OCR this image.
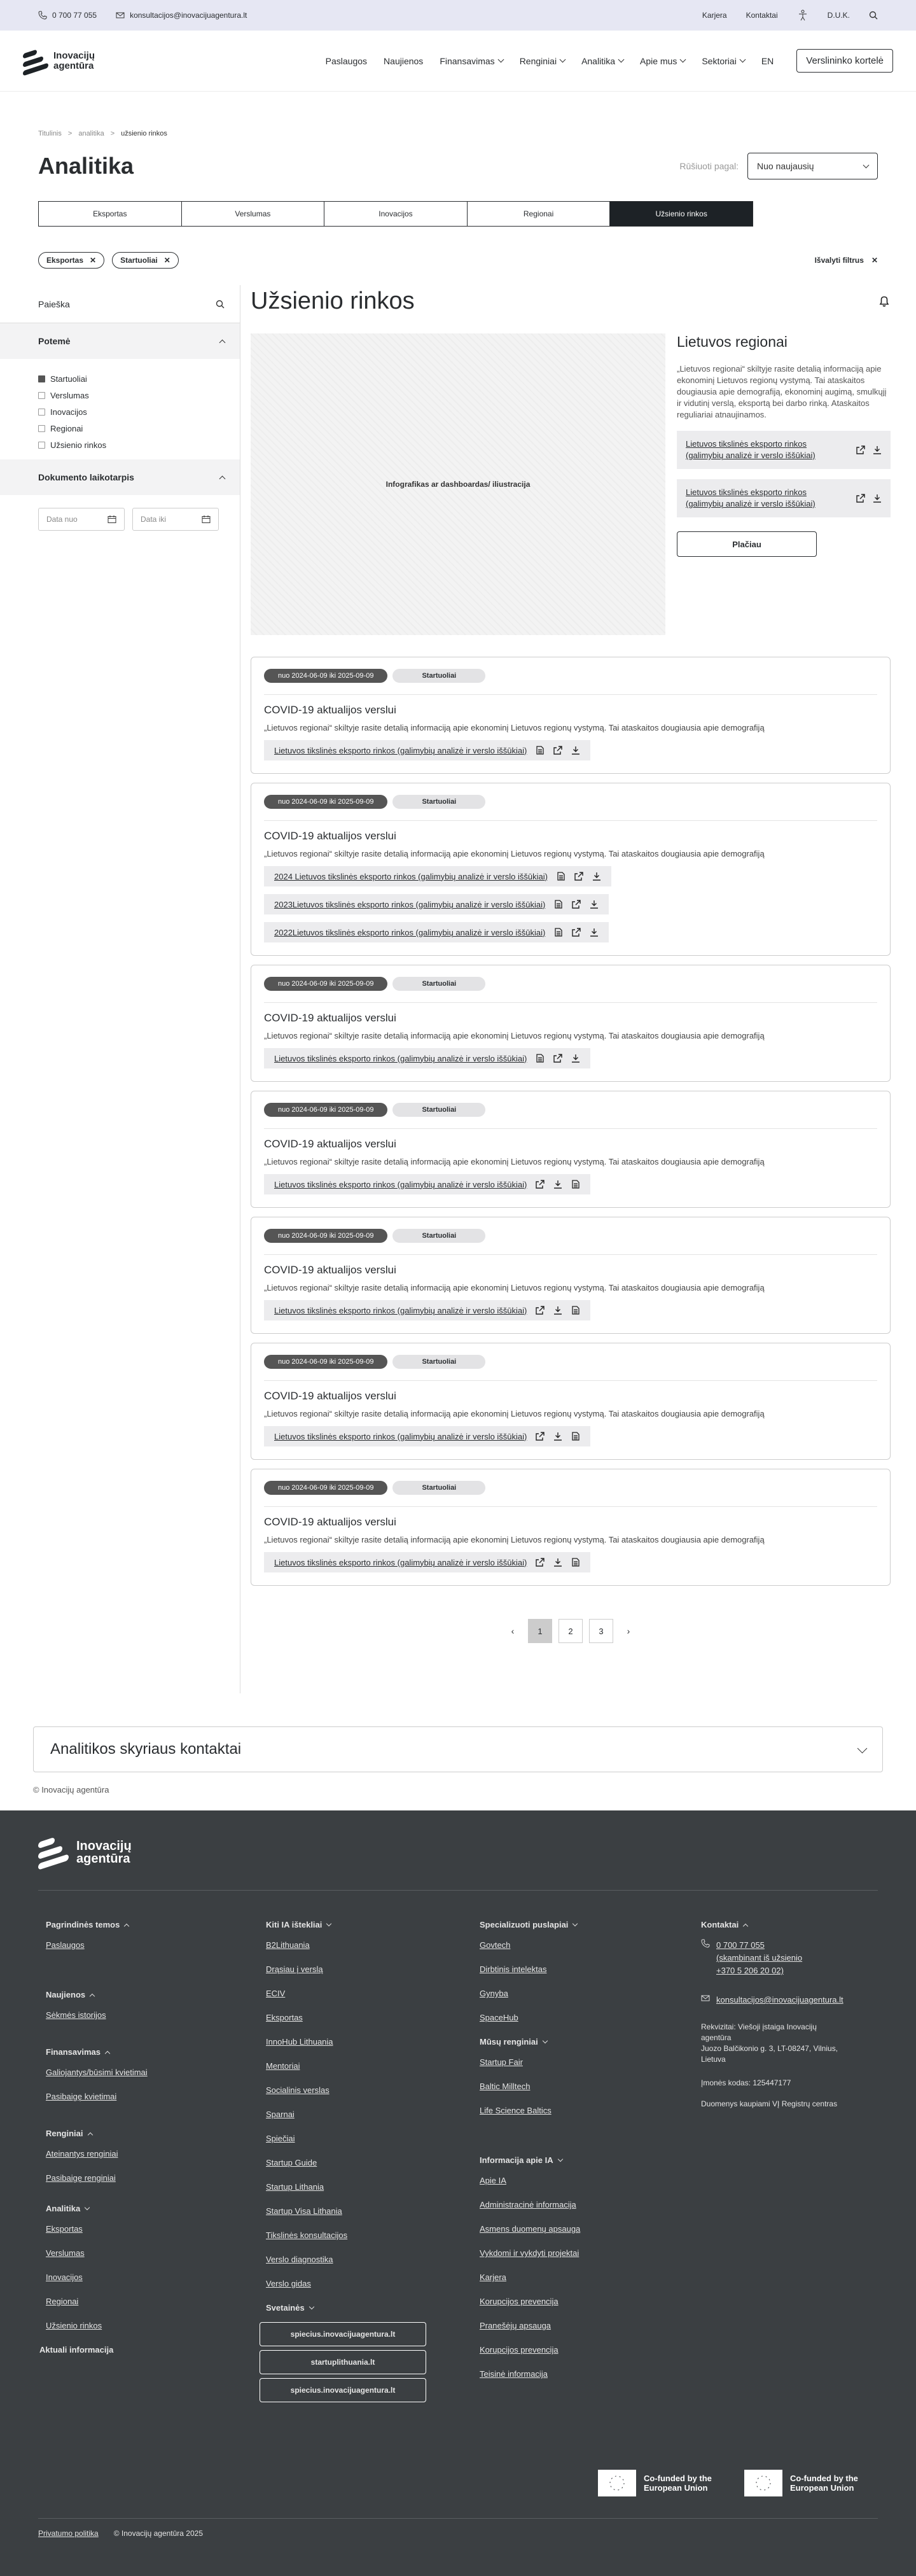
0 700 77 055	konsultacijos@inovacijuagentura.lt	Karjera	Kontaktai	D.U.K.
Inovacijų agentūra	Paslaugos Naujienos Finansavimas	Renginiai	Analitika	Apie mus	Sektoriai	EN	Verslininko kortelė
Titulinis > analitika > užsienio rinkos
Analitika	Rūšiuoti pagal: Nuo naujausių
Eksportas	Verslumas	Inovacijos	Regionai	Užsienio rinkos
Eksportas ✕	Startuoliai ✕	Išvalyti filtrus ✕
Paieška
Potemė
Startuoliai
Verslumas
Inovacijos
Regionai
Užsienio rinkos
Dokumento laikotarpis
Data nuo	Data iki
Užsienio rinkos
Infografikas ar dashboardas/ iliustracija
Lietuvos regionai

„Lietuvos regionai“ skiltyje rasite detalią informaciją apie ekonominį Lietuvos regionų vystymą. Tai ataskaitos dougiausia apie demografiją, ekonominį augimą, smulkųjį ir vidutinį verslą, eksportą bei darbo rinką. Ataskaitos reguliariai atnaujinamos.

Lietuvos tikslinės eksporto rinkos (galimybių analizė ir verslo iššūkiai)
Lietuvos tikslinės eksporto rinkos (galimybių analizė ir verslo iššūkiai)
Plačiau
nuo 2024-06-09 iki 2025-09-09	Startuoliai
COVID-19 aktualijos verslui
„Lietuvos regionai“ skiltyje rasite detalią informaciją apie ekonominį Lietuvos regionų vystymą. Tai ataskaitos dougiausia apie demografiją
Lietuvos tikslinės eksporto rinkos (galimybių analizė ir verslo iššūkiai)
nuo 2024-06-09 iki 2025-09-09	Startuoliai
COVID-19 aktualijos verslui
„Lietuvos regionai“ skiltyje rasite detalią informaciją apie ekonominį Lietuvos regionų vystymą. Tai ataskaitos dougiausia apie demografiją
2024 Lietuvos tikslinės eksporto rinkos (galimybių analizė ir verslo iššūkiai)
2023Lietuvos tikslinės eksporto rinkos (galimybių analizė ir verslo iššūkiai)
2022Lietuvos tikslinės eksporto rinkos (galimybių analizė ir verslo iššūkiai)
nuo 2024-06-09 iki 2025-09-09	Startuoliai
COVID-19 aktualijos verslui
„Lietuvos regionai“ skiltyje rasite detalią informaciją apie ekonominį Lietuvos regionų vystymą. Tai ataskaitos dougiausia apie demografiją
Lietuvos tikslinės eksporto rinkos (galimybių analizė ir verslo iššūkiai)
nuo 2024-06-09 iki 2025-09-09	Startuoliai
COVID-19 aktualijos verslui
„Lietuvos regionai“ skiltyje rasite detalią informaciją apie ekonominį Lietuvos regionų vystymą. Tai ataskaitos dougiausia apie demografiją
Lietuvos tikslinės eksporto rinkos (galimybių analizė ir verslo iššūkiai)
nuo 2024-06-09 iki 2025-09-09	Startuoliai
COVID-19 aktualijos verslui
„Lietuvos regionai“ skiltyje rasite detalią informaciją apie ekonominį Lietuvos regionų vystymą. Tai ataskaitos dougiausia apie demografiją
Lietuvos tikslinės eksporto rinkos (galimybių analizė ir verslo iššūkiai)
nuo 2024-06-09 iki 2025-09-09	Startuoliai
COVID-19 aktualijos verslui
„Lietuvos regionai“ skiltyje rasite detalią informaciją apie ekonominį Lietuvos regionų vystymą. Tai ataskaitos dougiausia apie demografiją
Lietuvos tikslinės eksporto rinkos (galimybių analizė ir verslo iššūkiai)
nuo 2024-06-09 iki 2025-09-09	Startuoliai
COVID-19 aktualijos verslui
„Lietuvos regionai“ skiltyje rasite detalią informaciją apie ekonominį Lietuvos regionų vystymą. Tai ataskaitos dougiausia apie demografiją
Lietuvos tikslinės eksporto rinkos (galimybių analizė ir verslo iššūkiai)
‹	1	2	3	›
Analitikos skyriaus kontaktai
© Inovacijų agentūra
Inovacijų agentūra
Pagrindinės temos
Paslaugos
Naujienos
Sėkmės istorijos
Finansavimas
Galiojantys/būsimi kvietimai
Pasibaigę kvietimai
Renginiai
Ateinantys renginiai
Pasibaigę renginiai
Analitika
Eksportas
Verslumas
Inovacijos
Regionai
Užsienio rinkos
Aktuali informacija
Kiti IA ištekliai
B2Lithuania
Drąsiau į verslą
ECIV
Eksportas
InnoHub Lithuania
Mentoriai
Socialinis verslas
Sparnai
Spiečiai
Startup Guide
Startup Lithania
Startup Visa Lithania
Tikslinės konsultacijos
Verslo diagnostika
Verslo gidas
Svetainės
spiecius.inovacijuagentura.lt
startuplithuania.lt
spiecius.inovacijuagentura.lt
Specializuoti puslapiai
Govtech
Dirbtinis intelektas
Gynyba
SpaceHub
Mūsų renginiai
Startup Fair
Baltic Milltech
Life Science Baltics
Informacija apie IA
Apie IA
Administracinė informacija
Asmens duomenų apsauga
Vykdomi ir vykdyti projektai
Karjera
Korupcijos prevencija
Pranešėjų apsauga
Korupcijos prevencija
Teisinė informacija
Kontaktai
0 700 77 055
(skambinant iš užsienio
+370 5 206 20 02)
konsultacijos@inovacijuagentura.lt
Rekvizitai: Viešoji įstaiga Inovacijų agentūra
Juozo Balčikonio g. 3, LT-08247, Vilnius, Lietuva
Įmonės kodas: 125447177
Duomenys kaupiami VĮ Registrų centras
Co-funded by the European Union
Co-funded by the European Union
Privatumo politika © Inovacijų agentūra 2025
